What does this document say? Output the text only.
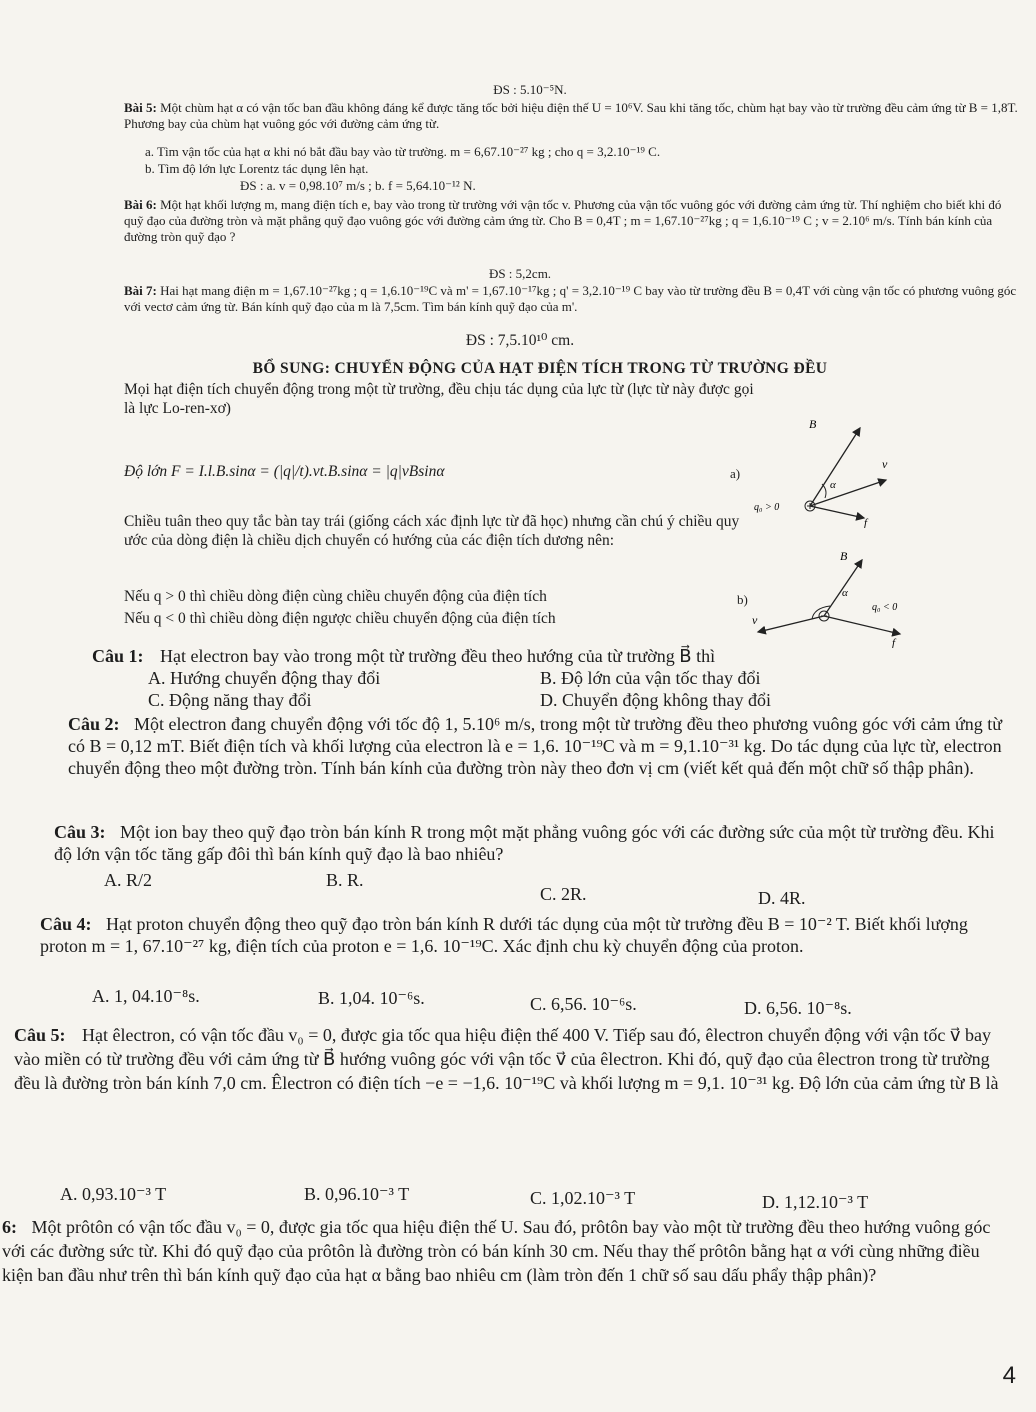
ĐS : 5.10⁻⁵N.
Bài 5: Một chùm hạt α có vận tốc ban đầu không đáng kể được tăng tốc bởi hiệu điện thế U = 10⁶V. Sau khi tăng tốc, chùm hạt bay vào từ trường đều cảm ứng từ B = 1,8T. Phương bay của chùm hạt vuông góc với đường cảm ứng từ.
a. Tìm vận tốc của hạt α khi nó bắt đầu bay vào từ trường. m = 6,67.10⁻²⁷ kg ; cho q = 3,2.10⁻¹⁹ C.
b. Tìm độ lớn lực Lorentz tác dụng lên hạt.
ĐS : a. v = 0,98.10⁷ m/s ; b. f = 5,64.10⁻¹² N.
Bài 6: Một hạt khối lượng m, mang điện tích e, bay vào trong từ trường với vận tốc v. Phương của vận tốc vuông góc với đường cảm ứng từ. Thí nghiệm cho biết khi đó quỹ đạo của đường tròn và mặt phẳng quỹ đạo vuông góc với đường cảm ứng từ. Cho B = 0,4T ; m = 1,67.10⁻²⁷kg ; q = 1,6.10⁻¹⁹ C ; v = 2.10⁶ m/s. Tính bán kính của đường tròn quỹ đạo ?
ĐS : 5,2cm.
Bài 7: Hai hạt mang điện m = 1,67.10⁻²⁷kg ; q = 1,6.10⁻¹⁹C và m' = 1,67.10⁻¹⁷kg ; q' = 3,2.10⁻¹⁹ C bay vào từ trường đều B = 0,4T với cùng vận tốc có phương vuông góc với vectơ cảm ứng từ. Bán kính quỹ đạo của m là 7,5cm. Tìm bán kính quỹ đạo của m'.
ĐS : 7,5.10¹⁰ cm.
BỔ SUNG: CHUYỂN ĐỘNG CỦA HẠT ĐIỆN TÍCH TRONG TỪ TRƯỜNG ĐỀU
Mọi hạt điện tích chuyển động trong một từ trường, đều chịu tác dụng của lực từ (lực từ này được gọi là lực Lo-ren-xơ)
Độ lớn F = I.l.B.sinα = (|q|/t).vt.B.sinα = |q|vBsinα
Chiều tuân theo quy tắc bàn tay trái (giống cách xác định lực từ đã học) nhưng cần chú ý chiều quy ước của dòng điện là chiều dịch chuyển có hướng của các điện tích dương nên:
Nếu q > 0 thì chiều dòng điện cùng chiều chuyển động của điện tích
Nếu q < 0 thì chiều dòng điện ngược chiều chuyển động của điện tích
B
v
α
f
q₀ > 0
a)
B
v
α
f
q₀ < 0
b)
Câu 1: Hạt electron bay vào trong một từ trường đều theo hướng của từ trường B⃗ thì
A. Hướng chuyển động thay đổi	B. Độ lớn của vận tốc thay đổi
C. Động năng thay đổi	D. Chuyển động không thay đổi
Câu 2: Một electron đang chuyển động với tốc độ 1, 5.10⁶ m/s, trong một từ trường đều theo phương vuông góc với cảm ứng từ có B = 0,12 mT. Biết điện tích và khối lượng của electron là e = 1,6. 10⁻¹⁹C và m = 9,1.10⁻³¹ kg. Do tác dụng của lực từ, electron chuyển động theo một đường tròn. Tính bán kính của đường tròn này theo đơn vị cm (viết kết quả đến một chữ số thập phân).
Câu 3: Một ion bay theo quỹ đạo tròn bán kính R trong một mặt phẳng vuông góc với các đường sức của một từ trường đều. Khi độ lớn vận tốc tăng gấp đôi thì bán kính quỹ đạo là bao nhiêu?
A. R/2	B. R.
C. 2R.	D. 4R.
Câu 4: Hạt proton chuyển động theo quỹ đạo tròn bán kính R dưới tác dụng của một từ trường đều B = 10⁻² T. Biết khối lượng proton m = 1, 67.10⁻²⁷ kg, điện tích của proton e = 1,6. 10⁻¹⁹C. Xác định chu kỳ chuyển động của proton.
A. 1, 04.10⁻⁸s.	B. 1,04. 10⁻⁶s.	C. 6,56. 10⁻⁶s.	D. 6,56. 10⁻⁸s.
Câu 5: Hạt êlectron, có vận tốc đầu v₀ = 0, được gia tốc qua hiệu điện thế 400 V. Tiếp sau đó, êlectron chuyển động với vận tốc v⃗ bay vào miền có từ trường đều với cảm ứng từ B⃗ hướng vuông góc với vận tốc v⃗ của êlectron. Khi đó, quỹ đạo của êlectron trong từ trường đều là đường tròn bán kính 7,0 cm. Êlectron có điện tích −e = −1,6. 10⁻¹⁹C và khối lượng m = 9,1. 10⁻³¹ kg. Độ lớn của cảm ứng từ B là
A. 0,93.10⁻³ T	B. 0,96.10⁻³ T	C. 1,02.10⁻³ T	D. 1,12.10⁻³ T
6: Một prôtôn có vận tốc đầu v₀ = 0, được gia tốc qua hiệu điện thế U. Sau đó, prôtôn bay vào một từ trường đều theo hướng vuông góc với các đường sức từ. Khi đó quỹ đạo của prôtôn là đường tròn có bán kính 30 cm. Nếu thay thế prôtôn bằng hạt α với cùng những điều kiện ban đầu như trên thì bán kính quỹ đạo của hạt α bằng bao nhiêu cm (làm tròn đến 1 chữ số sau dấu phẩy thập phân)?
4
